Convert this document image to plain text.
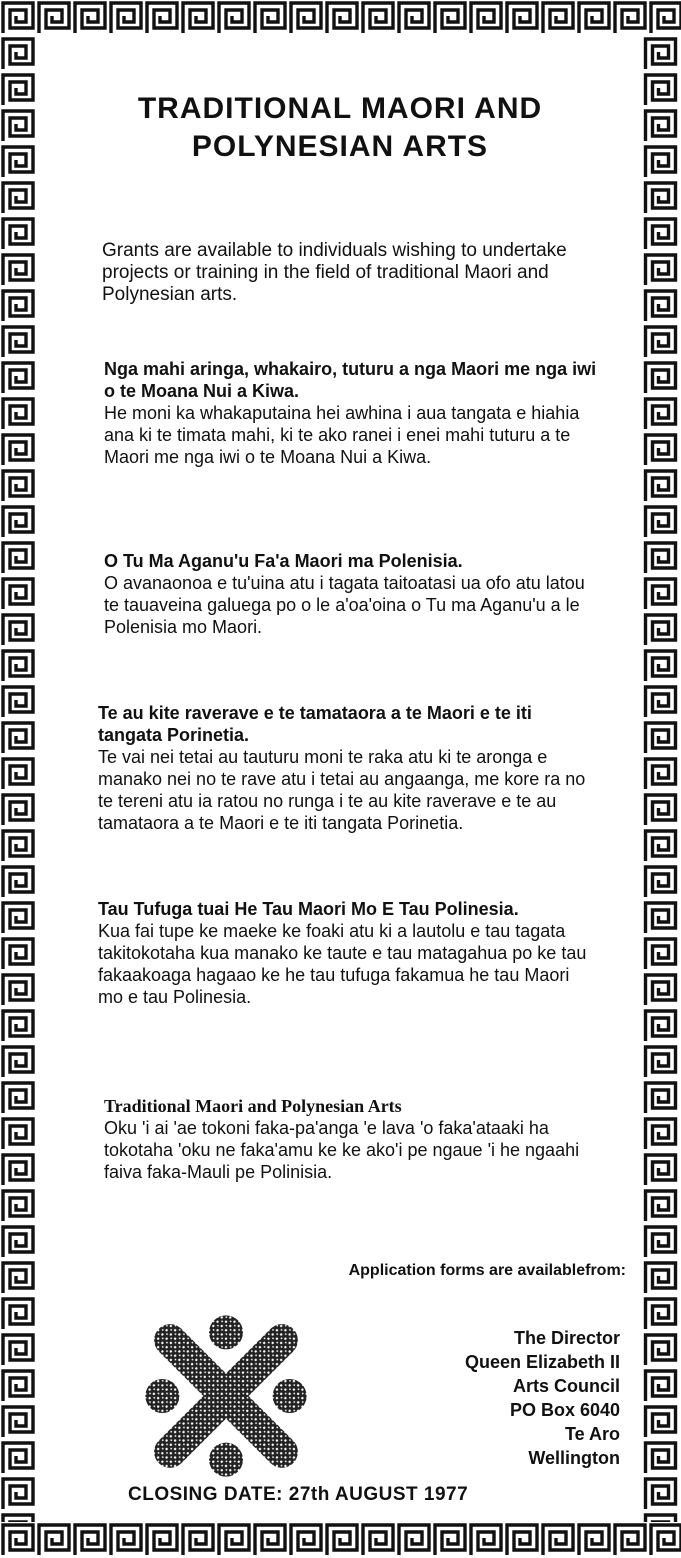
TRADITIONAL MAORI AND
POLYNESIAN ARTS
Grants are available to individuals wishing to undertake projects or training in the field of traditional Maori and Polynesian arts.
Nga mahi aringa, whakairo, tuturu a nga Maori me nga iwi o te Moana Nui a Kiwa.
He moni ka whakaputaina hei awhina i aua tangata e hiahia ana ki te timata mahi, ki te ako ranei i enei mahi tuturu a te Maori me nga iwi o te Moana Nui a Kiwa.
O Tu Ma Aganu'u Fa'a Maori ma Polenisia.
O avanaonoa e tu'uina atu i tagata taitoatasi ua ofo atu latou te tauaveina galuega po o le a'oa'oina o Tu ma Aganu'u a le Polenisia mo Maori.
Te au kite raverave e te tamataora a te Maori e te iti tangata Porinetia.
Te vai nei tetai au tauturu moni te raka atu ki te aronga e manako nei no te rave atu i tetai au angaanga, me kore ra no te tereni atu ia ratou no runga i te au kite raverave e te au tamataora a te Maori e te iti tangata Porinetia.
Tau Tufuga tuai He Tau Maori Mo E Tau Polinesia.
Kua fai tupe ke maeke ke foaki atu ki a lautolu e tau tagata takitokotaha kua manako ke taute e tau matagahua po ke tau fakaakoaga hagaao ke he tau tufuga fakamua he tau Maori mo e tau Polinesia.
Traditional Maori and Polynesian Arts
Oku 'i ai 'ae tokoni faka-pa'anga 'e lava 'o faka'ataaki ha tokotaha 'oku ne faka'amu ke ke ako'i pe ngaue 'i he ngaahi faiva faka-Mauli pe Polinisia.
Application forms are availablefrom:
The Director
Queen Elizabeth II
Arts Council
PO Box 6040
Te Aro
Wellington
CLOSING DATE: 27th AUGUST 1977
